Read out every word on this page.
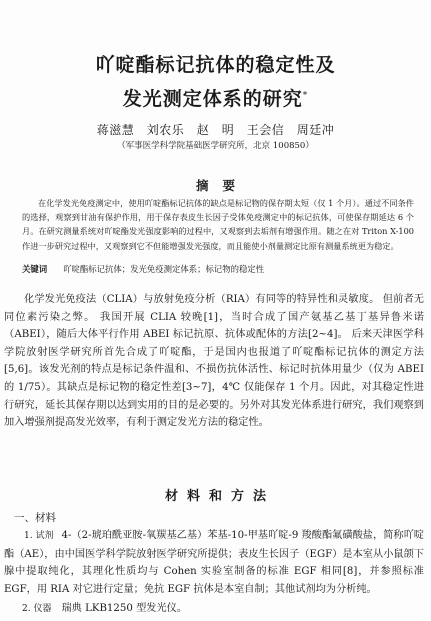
吖啶酯标记抗体的稳定性及
发光测定体系的研究*
蒋滋慧　刘农乐　赵　明　王会信　周廷冲
（军事医学科学院基础医学研究所，北京 100850）
摘要

在化学发光免疫测定中，使用吖啶酯标记抗体的缺点是标记物的保存期太短（仅 1 个月）。通过不同条件的选择，观察到甘油有保护作用，用于保存表皮生长因子受体免疫测定中的标记抗体，可使保存期延达 6 个月。在研究测量系统对吖啶酯发光强度影响的过程中，又观察到去垢剂有增强作用。随之在对 Triton X-100 作进一步研究过程中，又观察到它不但能增强发光强度，而且能使小剂量测定比原有测量系统更为稳定。

关键词 吖啶酯标记抗体；发光免疫测定体系；标记物的稳定性

化学发光免疫法（CLIA）与放射免疫分析（RIA）有同等的特异性和灵敏度。 但前者无同位素污染之弊。 我国开展 CLIA 较晚[1]，当时合成了国产氨基乙基丁基异鲁米诺（ABEI），随后大体平行作用 ABEI 标记抗原、抗体或配体的方法[2~4]。 后来天津医学科学院放射医学研究所首先合成了吖啶酯，于是国内也报道了吖啶酯标记抗体的测定方法[5,6]。该发光剂的特点是标记条件温和、不损伤抗体活性、标记时抗体用量少（仅为 ABEI 的 1/75）。其缺点是标记物的稳定性差[3~7]，4℃ 仅能保存 1 个月。因此，对其稳定性进行研究，延长其保存期以达到实用的目的是必要的。另外对其发光体系进行研究，我们观察到加入增强剂提高发光效率，有利于测定发光方法的稳定性。

材料和方法
一、材料

1. 试剂 4-（2-琥珀酰亚胺-氧羰基乙基）苯基-10-甲基吖啶-9 羧酸酯氟磺酸盐，简称吖啶酯（AE），由中国医学科学院放射医学研究所提供；表皮生长因子（EGF）是本室从小鼠颌下腺中提取纯化，其理化性质均与 Cohen 实验室制备的标准 EGF 相同[8]，并参照标准 EGF，用 RIA 对它进行定量；免抗 EGF 抗体是本室自制；其他试剂均为分析纯。

2. 仪器 瑞典 LKB1250 型发光仪。
